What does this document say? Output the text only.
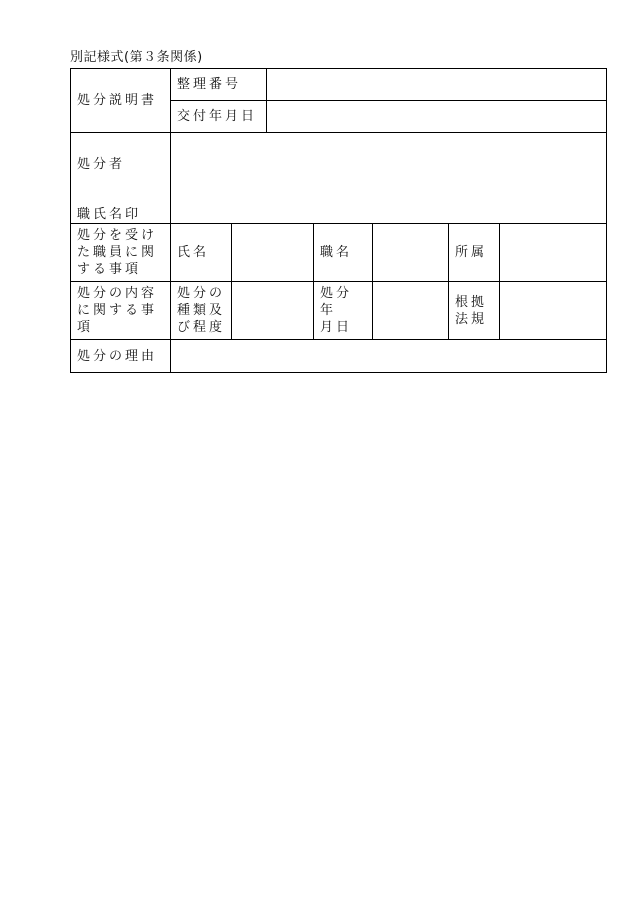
別記様式(第３条関係)
処分説明書	整理番号						
	交付年月日						

処分者

職氏名印							

処分を受け
た職員に関
する事項	氏名			職名		所属	

処分の内容
に関する事
項	処分の
種類及
び程度			処分年
月日		根拠
法規	

処分の理由							
